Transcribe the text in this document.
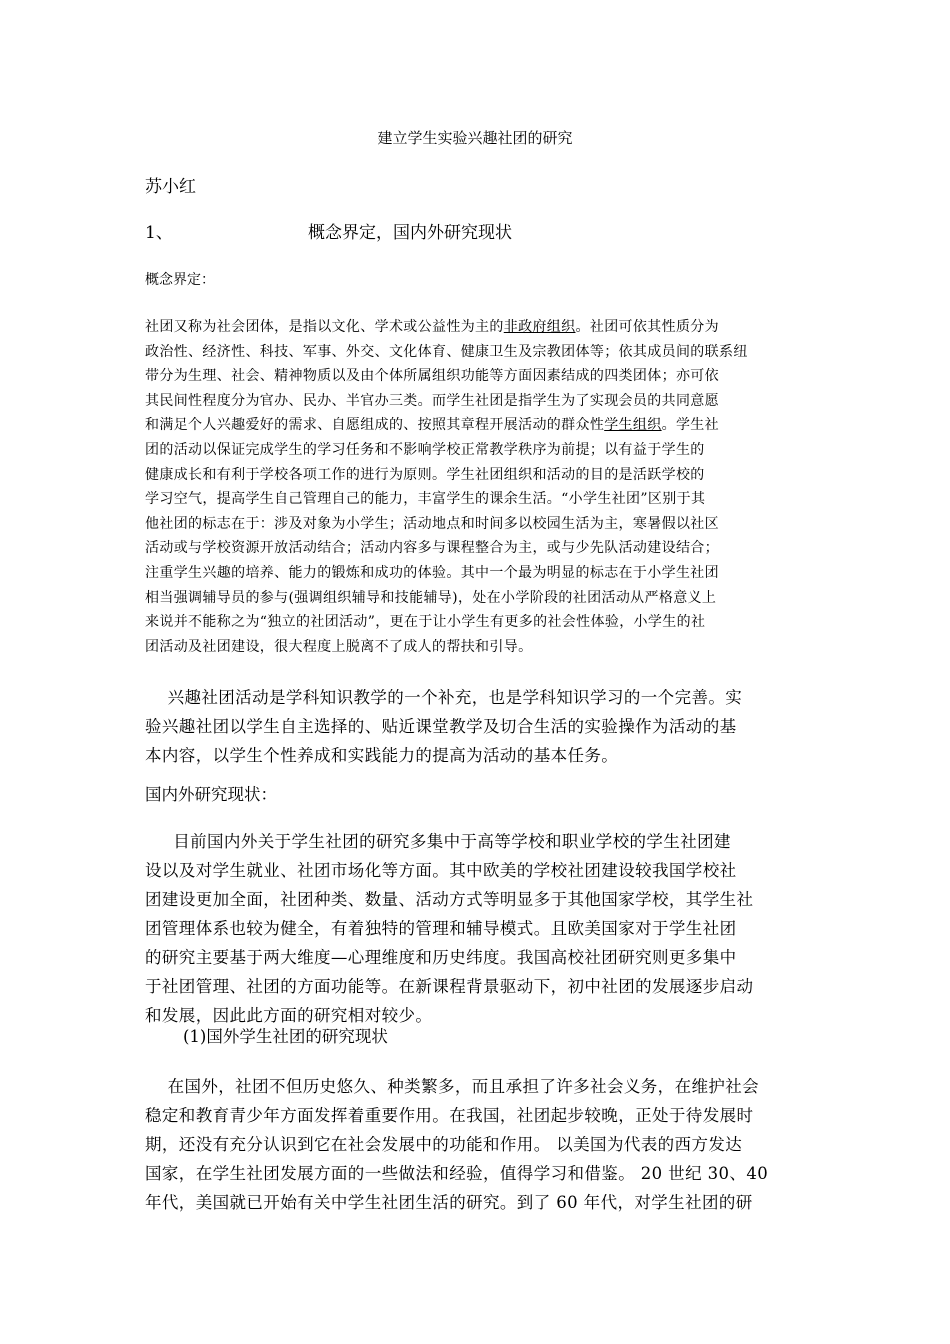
建立学生实验兴趣社团的研究
苏小红
1、	概念界定，国内外研究现状
概念界定：
社团又称为社会团体，是指以文化、学术或公益性为主的非政府组织。社团可依其性质分为
政治性、经济性、科技、军事、外交、文化体育、健康卫生及宗教团体等；依其成员间的联系纽
带分为生理、社会、精神物质以及由个体所属组织功能等方面因素结成的四类团体；亦可依
其民间性程度分为官办、民办、半官办三类。而学生社团是指学生为了实现会员的共同意愿
和满足个人兴趣爱好的需求、自愿组成的、按照其章程开展活动的群众性学生组织。学生社
团的活动以保证完成学生的学习任务和不影响学校正常教学秩序为前提；以有益于学生的
健康成长和有利于学校各项工作的进行为原则。学生社团组织和活动的目的是活跃学校的
学习空气，提高学生自己管理自己的能力，丰富学生的课余生活。“小学生社团”区别于其
他社团的标志在于：涉及对象为小学生；活动地点和时间多以校园生活为主，寒暑假以社区
活动或与学校资源开放活动结合；活动内容多与课程整合为主，或与少先队活动建设结合；
注重学生兴趣的培养、能力的锻炼和成功的体验。其中一个最为明显的标志在于小学生社团
相当强调辅导员的参与(强调组织辅导和技能辅导)，处在小学阶段的社团活动从严格意义上
来说并不能称之为“独立的社团活动”，更在于让小学生有更多的社会性体验，小学生的社
团活动及社团建设，很大程度上脱离不了成人的帮扶和引导。
兴趣社团活动是学科知识教学的一个补充，也是学科知识学习的一个完善。实
验兴趣社团以学生自主选择的、贴近课堂教学及切合生活的实验操作为活动的基
本内容，以学生个性养成和实践能力的提高为活动的基本任务。
国内外研究现状：
目前国内外关于学生社团的研究多集中于高等学校和职业学校的学生社团建
设以及对学生就业、社团市场化等方面。其中欧美的学校社团建设较我国学校社
团建设更加全面，社团种类、数量、活动方式等明显多于其他国家学校，其学生社
团管理体系也较为健全，有着独特的管理和辅导模式。且欧美国家对于学生社团
的研究主要基于两大维度—心理维度和历史纬度。我国高校社团研究则更多集中
于社团管理、社团的方面功能等。在新课程背景驱动下，初中社团的发展逐步启动
和发展，因此此方面的研究相对较少。
(1)国外学生社团的研究现状
在国外，社团不但历史悠久、种类繁多，而且承担了许多社会义务，在维护社会
稳定和教育青少年方面发挥着重要作用。在我国，社团起步较晚，正处于待发展时
期，还没有充分认识到它在社会发展中的功能和作用。 以美国为代表的西方发达
国家，在学生社团发展方面的一些做法和经验，值得学习和借鉴。 20 世纪 30、40
年代，美国就已开始有关中学生社团生活的研究。到了 60 年代，对学生社团的研
